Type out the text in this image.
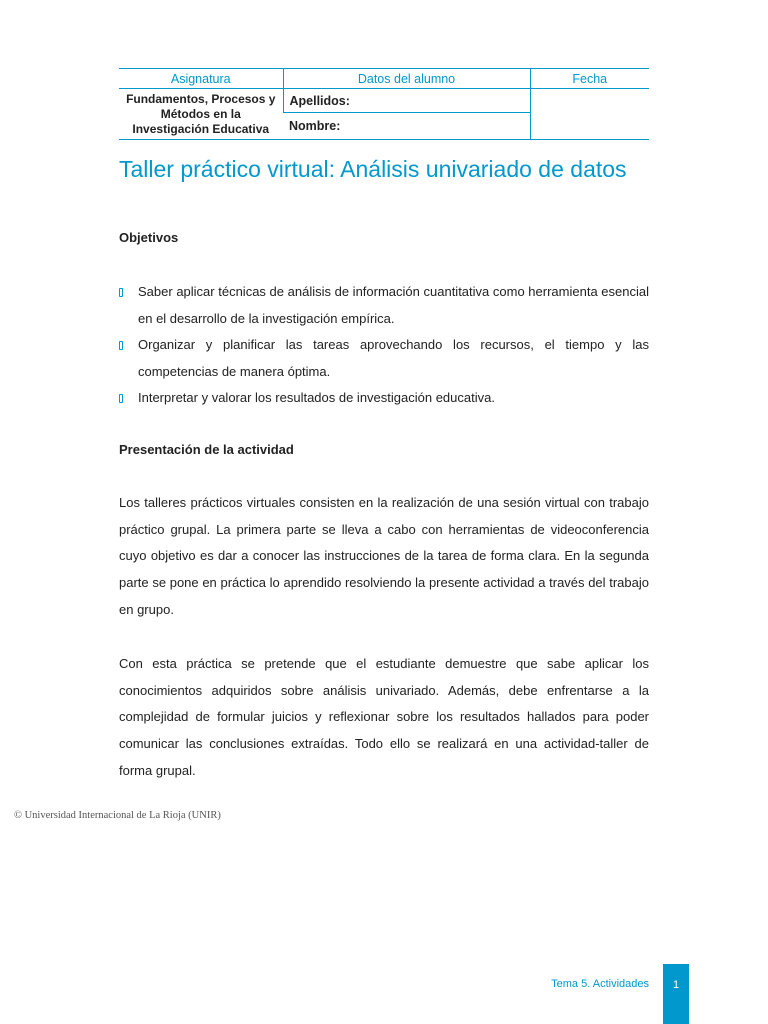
Asignatura	Datos del alumno	Fecha
Fundamentos, Procesos y Métodos en la Investigación Educativa	Apellidos:	
	Nombre:	
Taller práctico virtual: Análisis univariado de datos
Objetivos
Saber aplicar técnicas de análisis de información cuantitativa como herramienta esencial en el desarrollo de la investigación empírica.
Organizar y planificar las tareas aprovechando los recursos, el tiempo y las competencias de manera óptima.
Interpretar y valorar los resultados de investigación educativa.
Presentación de la actividad

Los talleres prácticos virtuales consisten en la realización de una sesión virtual con trabajo práctico grupal. La primera parte se lleva a cabo con herramientas de videoconferencia cuyo objetivo es dar a conocer las instrucciones de la tarea de forma clara. En la segunda parte se pone en práctica lo aprendido resolviendo la presente actividad a través del trabajo en grupo.

Con esta práctica se pretende que el estudiante demuestre que sabe aplicar los conocimientos adquiridos sobre análisis univariado. Además, debe enfrentarse a la complejidad de formular juicios y reflexionar sobre los resultados hallados para poder comunicar las conclusiones extraídas. Todo ello se realizará en una actividad-taller de forma grupal.

© Universidad Internacional de La Rioja (UNIR)

Tema 5. Actividades	1
